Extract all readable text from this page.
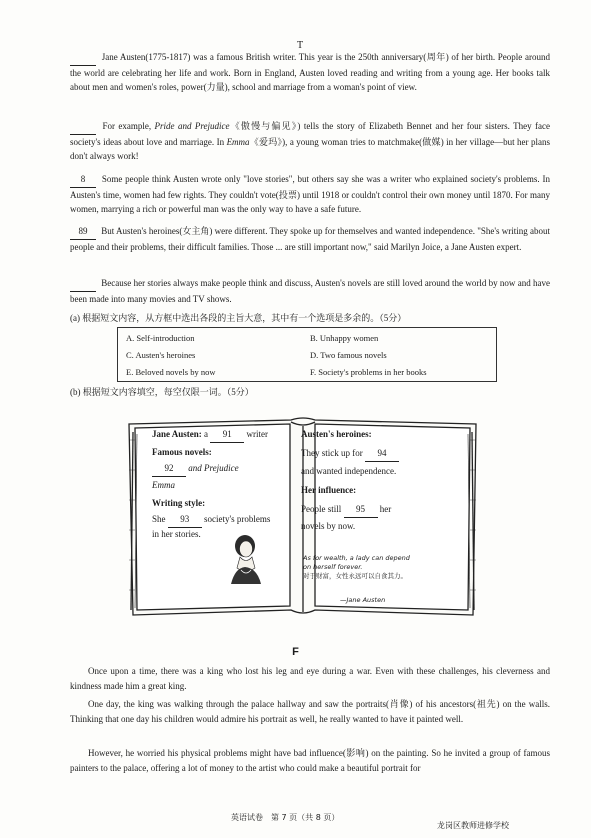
T

Jane Austen(1775-1817) was a famous British writer. This year is the 250th anniversary(周年) of her birth. People around the world are celebrating her life and work. Born in England, Austen loved reading and writing from a young age. Her books talk about men and women's roles, power(力量), school and marriage from a woman's point of view.

For example, Pride and Prejudice《傲慢与偏见》) tells the story of Elizabeth Bennet and her four sisters. They face society's ideas about love and marriage. In Emma《爱玛》), a young woman tries to matchmake(做媒) in her village—but her plans don't always work!

8 Some people think Austen wrote only "love stories", but others say she was a writer who explained society's problems. In Austen's time, women had few rights. They couldn't vote(投票) until 1918 or couldn't control their own money until 1870. For many women, marrying a rich or powerful man was the only way to have a safe future.

89 But Austen's heroines(女主角) were different. They spoke up for themselves and wanted independence. "She's writing about people and their problems, their difficult families. Those ... are still important now," said Marilyn Joice, a Jane Austen expert.

Because her stories always make people think and discuss, Austen's novels are still loved around the world by now and have been made into many movies and TV shows.

(a) 根据短文内容，从方框中选出各段的主旨大意，其中有一个选项是多余的。（5分）

A. Self-introduction	B. Unhappy women
C. Austen's heroines	D. Two famous novels
E. Beloved novels by now	F. Society's problems in her books

(b) 根据短文内容填空，每空仅限一词。（5分）

Jane Austen: a 91 writer
Famous novels:
92 and Prejudice
Emma
Writing style:
She 93 society's problems
in her stories.
Austen's heroines:
They stick up for 94
and wanted independence.
Her influence:
People still 95 her
novels by now.
As for wealth, a lady can depend on herself forever.
对于财富，女性永远可以自食其力。
—Jane Austen
F

Once upon a time, there was a king who lost his leg and eye during a war. Even with these challenges, his cleverness and kindness made him a great king.

One day, the king was walking through the palace hallway and saw the portraits(肖像) of his ancestors(祖先) on the walls. Thinking that one day his children would admire his portrait as well, he really wanted to have it painted well.

However, he worried his physical problems might have bad influence(影响) on the painting. So he invited a group of famous painters to the palace, offering a lot of money to the artist who could make a beautiful portrait for

英语试卷　第 7 页（共 8 页）
龙岗区教师进修学校
